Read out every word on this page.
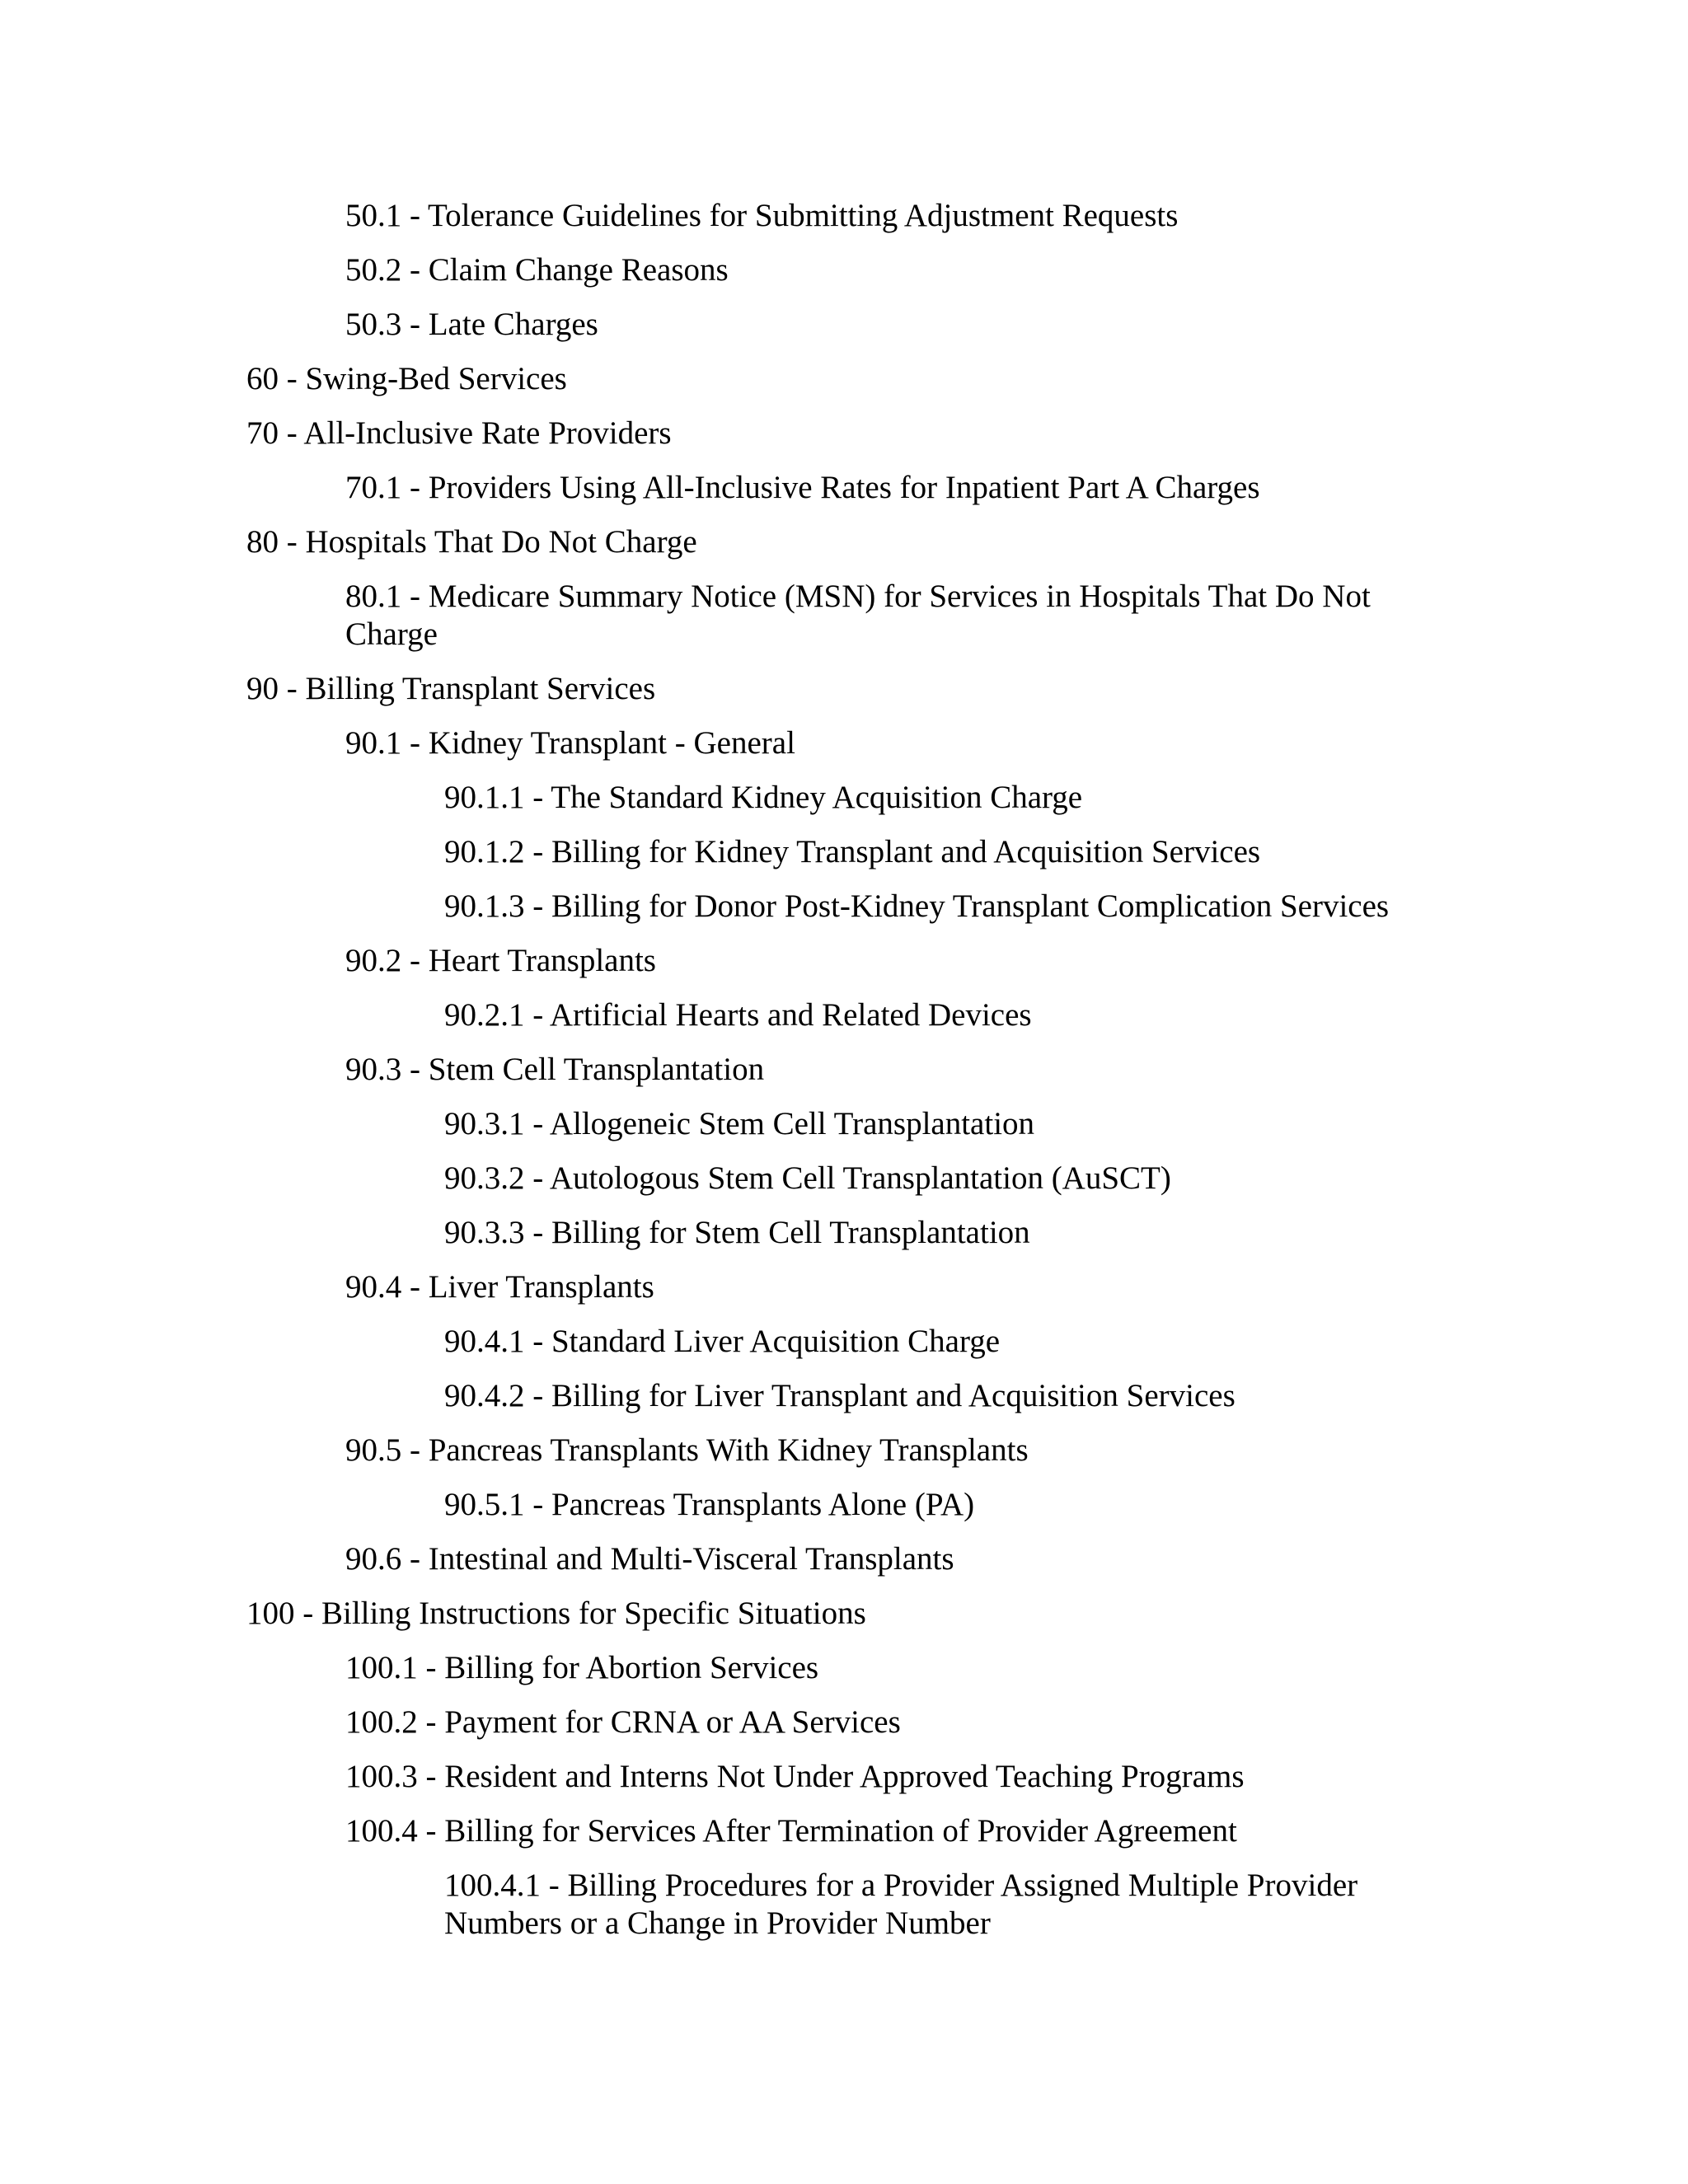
50.1 - Tolerance Guidelines for Submitting Adjustment Requests
50.2 - Claim Change Reasons
50.3 - Late Charges
60 - Swing-Bed Services
70 - All-Inclusive Rate Providers
70.1 - Providers Using All-Inclusive Rates for Inpatient Part A Charges
80 - Hospitals That Do Not Charge
80.1 - Medicare Summary Notice (MSN) for Services in Hospitals That Do Not Charge
90 - Billing Transplant Services
90.1 - Kidney Transplant - General
90.1.1 - The Standard Kidney Acquisition Charge
90.1.2 - Billing for Kidney Transplant and Acquisition Services
90.1.3 - Billing for Donor Post-Kidney Transplant Complication Services
90.2 - Heart Transplants
90.2.1 - Artificial Hearts and Related Devices
90.3 - Stem Cell Transplantation
90.3.1 - Allogeneic Stem Cell Transplantation
90.3.2 - Autologous Stem Cell Transplantation (AuSCT)
90.3.3 - Billing for Stem Cell Transplantation
90.4 - Liver Transplants
90.4.1 - Standard Liver Acquisition Charge
90.4.2 - Billing for Liver Transplant and Acquisition Services
90.5 - Pancreas Transplants With Kidney Transplants
90.5.1 - Pancreas Transplants Alone (PA)
90.6 - Intestinal and Multi-Visceral Transplants
100 - Billing Instructions for Specific Situations
100.1 - Billing for Abortion Services
100.2 - Payment for CRNA or AA Services
100.3 - Resident and Interns Not Under Approved Teaching Programs
100.4 - Billing for Services After Termination of Provider Agreement
100.4.1 - Billing Procedures for a Provider Assigned Multiple Provider Numbers or a Change in Provider Number
